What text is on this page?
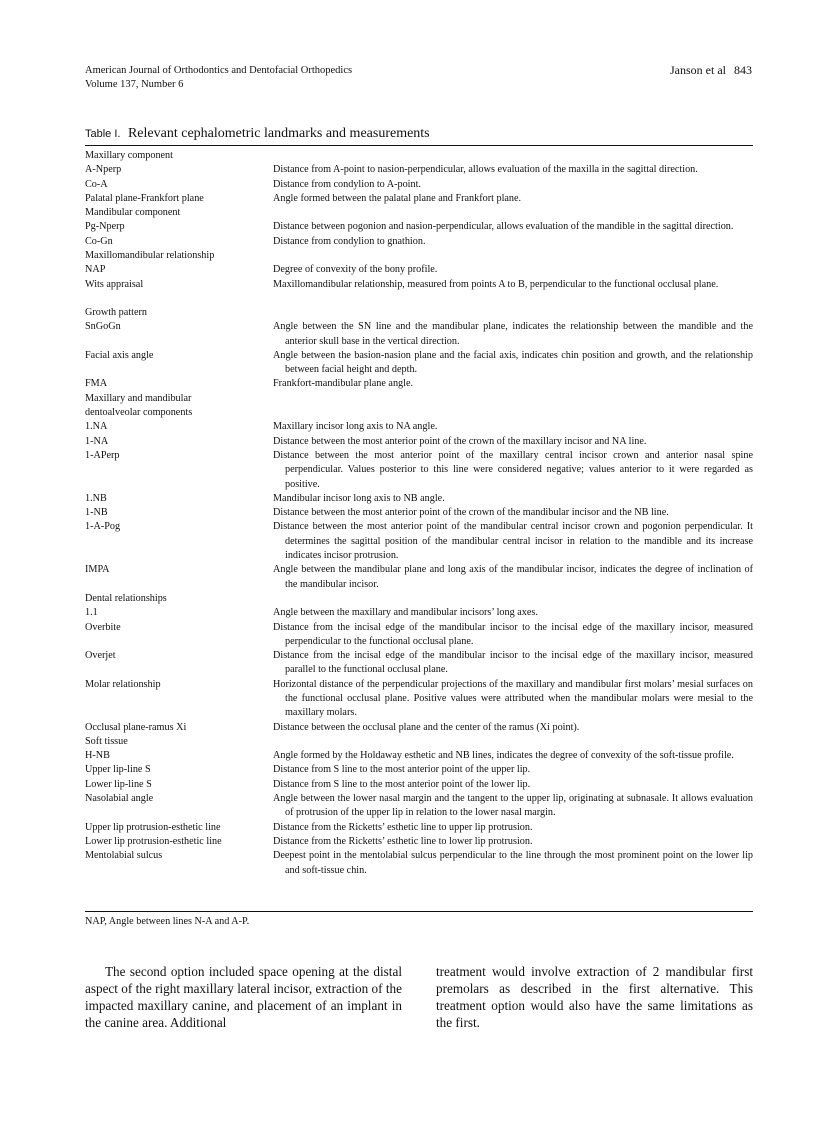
American Journal of Orthodontics and Dentofacial Orthopedics
Volume 137, Number 6
Janson et al 843
Table I. Relevant cephalometric landmarks and measurements
Maxillary component
A-Nperp	Distance from A-point to nasion-perpendicular, allows evaluation of the maxilla in the sagittal direction.
Co-A	Distance from condylion to A-point.
Palatal plane-Frankfort plane	Angle formed between the palatal plane and Frankfort plane.
Mandibular component
Pg-Nperp	Distance between pogonion and nasion-perpendicular, allows evaluation of the mandible in the sagittal direction.
Co-Gn	Distance from condylion to gnathion.
Maxillomandibular relationship
NAP	Degree of convexity of the bony profile.
Wits appraisal	Maxillomandibular relationship, measured from points A to B, perpendicular to the functional occlusal plane.
Growth pattern
SnGoGn	Angle between the SN line and the mandibular plane, indicates the relationship between the mandible and the anterior skull base in the vertical direction.
Facial axis angle	Angle between the basion-nasion plane and the facial axis, indicates chin position and growth, and the relationship between facial height and depth.
FMA	Frankfort-mandibular plane angle.
Maxillary and mandibular
dentoalveolar components
1.NA	Maxillary incisor long axis to NA angle.
1-NA	Distance between the most anterior point of the crown of the maxillary incisor and NA line.
1-APerp	Distance between the most anterior point of the maxillary central incisor crown and anterior nasal spine perpendicular. Values posterior to this line were considered negative; values anterior to it were regarded as positive.
1.NB	Mandibular incisor long axis to NB angle.
1-NB	Distance between the most anterior point of the crown of the mandibular incisor and the NB line.
1-A-Pog	Distance between the most anterior point of the mandibular central incisor crown and pogonion perpendicular. It determines the sagittal position of the mandibular central incisor in relation to the mandible and its increase indicates incisor protrusion.
IMPA	Angle between the mandibular plane and long axis of the mandibular incisor, indicates the degree of inclination of the mandibular incisor.
Dental relationships
1.1	Angle between the maxillary and mandibular incisors’ long axes.
Overbite	Distance from the incisal edge of the mandibular incisor to the incisal edge of the maxillary incisor, measured perpendicular to the functional occlusal plane.
Overjet	Distance from the incisal edge of the mandibular incisor to the incisal edge of the maxillary incisor, measured parallel to the functional occlusal plane.
Molar relationship	Horizontal distance of the perpendicular projections of the maxillary and mandibular first molars’ mesial surfaces on the functional occlusal plane. Positive values were attributed when the mandibular molars were mesial to the maxillary molars.
Occlusal plane-ramus Xi	Distance between the occlusal plane and the center of the ramus (Xi point).
Soft tissue
H-NB	Angle formed by the Holdaway esthetic and NB lines, indicates the degree of convexity of the soft-tissue profile.
Upper lip-line S	Distance from S line to the most anterior point of the upper lip.
Lower lip-line S	Distance from S line to the most anterior point of the lower lip.
Nasolabial angle	Angle between the lower nasal margin and the tangent to the upper lip, originating at subnasale. It allows evaluation of protrusion of the upper lip in relation to the lower nasal margin.
Upper lip protrusion-esthetic line	Distance from the Ricketts’ esthetic line to upper lip protrusion.
Lower lip protrusion-esthetic line	Distance from the Ricketts’ esthetic line to lower lip protrusion.
Mentolabial sulcus	Deepest point in the mentolabial sulcus perpendicular to the line through the most prominent point on the lower lip and soft-tissue chin.
NAP, Angle between lines N-A and A-P.
The second option included space opening at the distal aspect of the right maxillary lateral incisor, extraction of the impacted maxillary canine, and placement of an implant in the canine area. Additional
treatment would involve extraction of 2 mandibular first premolars as described in the first alternative. This treatment option would also have the same limitations as the first.
